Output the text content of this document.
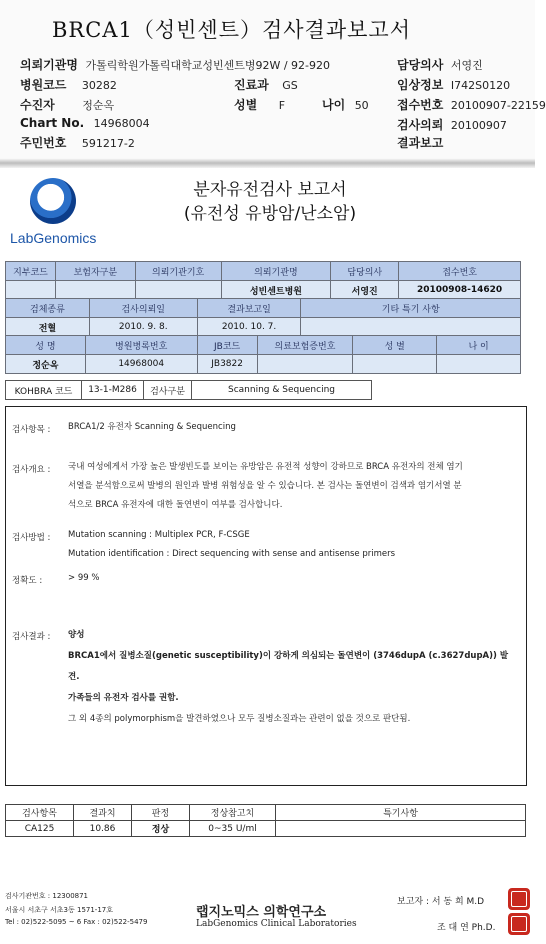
BRCA1（성빈센트）검사결과보고서
의뢰기관명 가톨릭학원가톨릭대학교성빈센트병92W / 92-920	담당의사 서영진
병원코드 30282	진료과 GS	임상정보 I742S0120
수진자	정순옥	성별 F	나이 50 접수번호 20100907-22159
Chart No. 14968004	검사의뢰 20100907
주민번호 591217-2	결과보고
LabGenomics
분자유전검사 보고서
(유전성 유방암/난소암)
지부코드	보험자구분	의뢰기관기호	의뢰기관명	담당의사	접수번호
			성빈센트병원	서영진	20100908-14620
검체종류	검사의뢰일	결과보고일	기타 특기 사항
전혈	2010. 9. 8.	2010. 10. 7.	
성 명	병원병록번호	JB코드	의료보험증번호	성 별	나 이
정순옥	14968004	JB3822			
KOHBRA 코드	13-1-M286	검사구분	Scanning & Sequencing
검사항목 : BRCA1/2 유전자 Scanning & Sequencing
검사개요 : 국내 여성에게서 가장 높은 발생빈도를 보이는 유방암은 유전적 성향이 강하므로 BRCA 유전자의 전체 염기
서열을 분석함으로써 발병의 원인과 발병 위험성을 알 수 있습니다. 본 검사는 돌연변이 검색과 염기서열 분
석으로 BRCA 유전자에 대한 돌연변이 여부를 검사합니다.
검사방법 : Mutation scanning : Multiplex PCR, F-CSGE
Mutation identification : Direct sequencing with sense and antisense primers
정확도 :	> 99 %
검사결과 : 양성
BRCA1에서 질병소질(genetic susceptibility)이 강하게 의심되는 돌연변이 (3746dupA (c.3627dupA)) 발견.
가족들의 유전자 검사를 권함.
그 외 4종의 polymorphism을 발견하였으나 모두 질병소질과는 관련이 없을 것으로 판단됨.
검사항목	결과치	판정	정상참고치	특기사항
CA125	10.86	정상	0~35 U/ml	
검사기관번호 : 12300871
서울시 서초구 서초3동 1571-17호
Tel : 02)522-5095 ~ 6 Fax : 02)522-5479
랩지노믹스 의학연구소
LabGenomics Clinical Laboratories
보고자 : 서 동 희 M.D
조 대 연 Ph.D.
